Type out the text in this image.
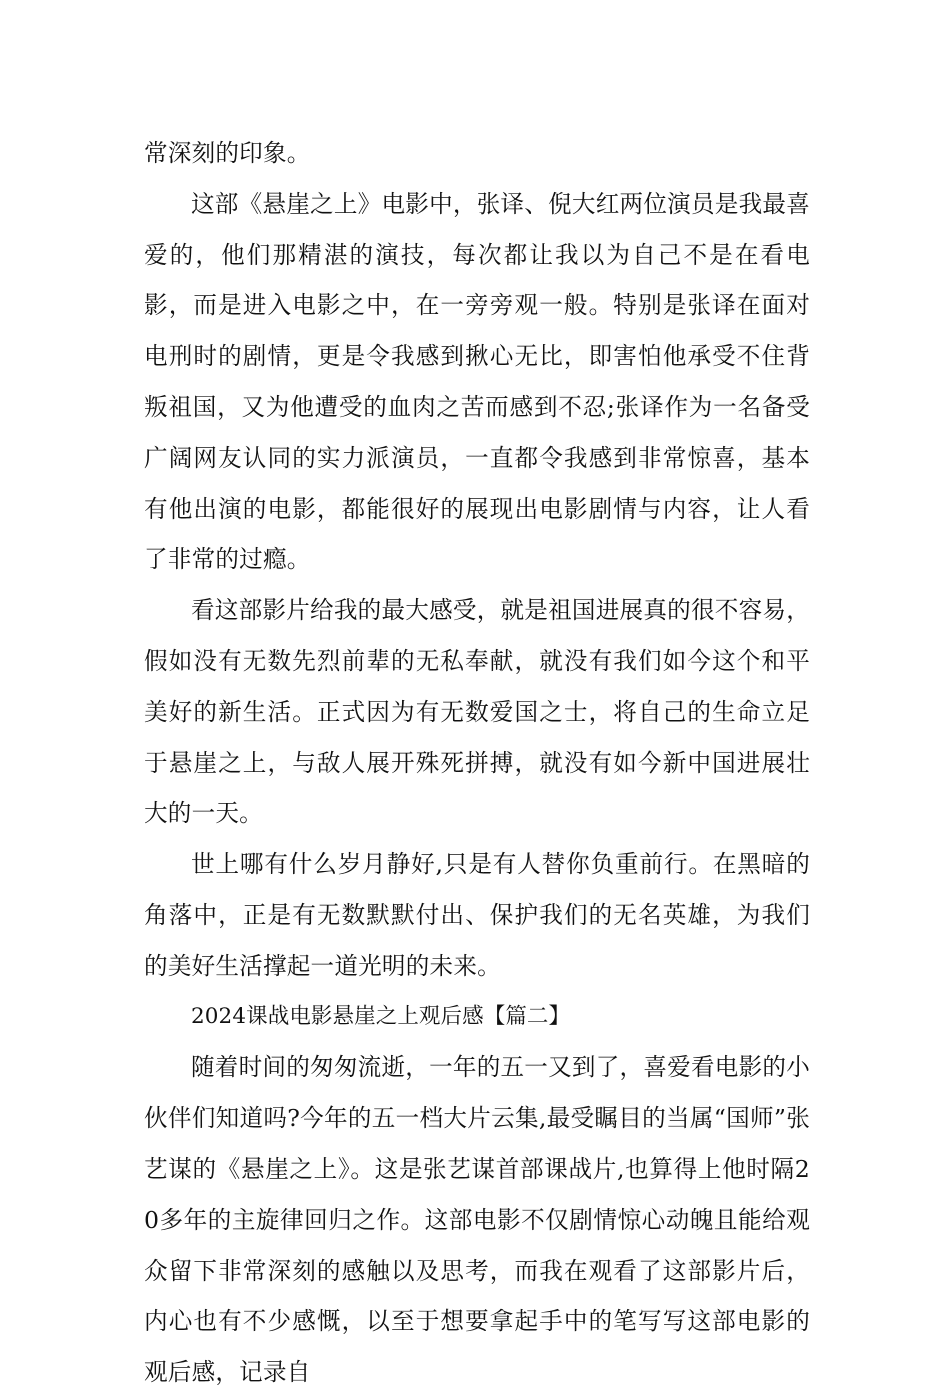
常深刻的印象。

这部《悬崖之上》电影中，张译、倪大红两位演员是我最喜爱的，他们那精湛的演技，每次都让我以为自己不是在看电影，而是进入电影之中，在一旁旁观一般。特别是张译在面对电刑时的剧情，更是令我感到揪心无比，即害怕他承受不住背叛祖国，又为他遭受的血肉之苦而感到不忍;张译作为一名备受广阔网友认同的实力派演员，一直都令我感到非常惊喜，基本有他出演的电影，都能很好的展现出电影剧情与内容，让人看了非常的过瘾。

看这部影片给我的最大感受，就是祖国进展真的很不容易，假如没有无数先烈前辈的无私奉献，就没有我们如今这个和平美好的新生活。正式因为有无数爱国之士，将自己的生命立足于悬崖之上，与敌人展开殊死拼搏，就没有如今新中国进展壮大的一天。

世上哪有什么岁月静好,只是有人替你负重前行。在黑暗的角落中，正是有无数默默付出、保护我们的无名英雄，为我们的美好生活撑起一道光明的未来。

2024课战电影悬崖之上观后感【篇二】

随着时间的匆匆流逝，一年的五一又到了，喜爱看电影的小伙伴们知道吗?今年的五一档大片云集,最受瞩目的当属“国师”张艺谋的《悬崖之上》。这是张艺谋首部课战片,也算得上他时隔20多年的主旋律回归之作。这部电影不仅剧情惊心动魄且能给观众留下非常深刻的感触以及思考，而我在观看了这部影片后，内心也有不少感慨，以至于想要拿起手中的笔写写这部电影的观后感，记录自
